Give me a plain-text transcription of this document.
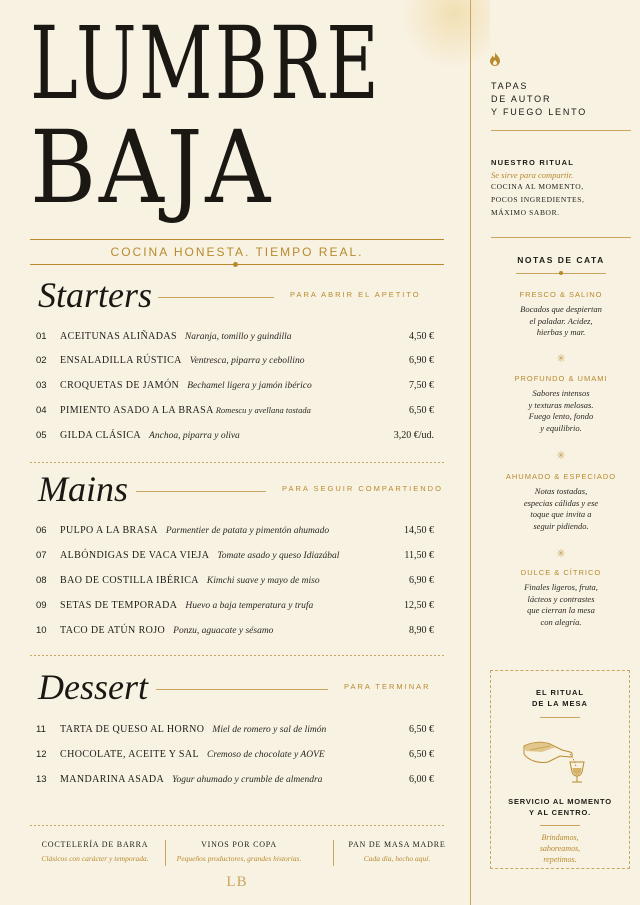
LUMBRE
BAJA
COCINA HONESTA. TIEMPO REAL.
Starters	PARA ABRIR EL APETITO
Mains	PARA SEGUIR COMPARTIENDO
Dessert	PARA TERMINAR
01 ACEITUNAS ALIÑADAS Naranja, tomillo y guindilla	4,50 €
02 ENSALADILLA RÚSTICA Ventresca, piparra y cebollino	6,90 €
03 CROQUETAS DE JAMÓN Bechamel ligera y jamón ibérico	7,50 €
04 PIMIENTO ASADO A LA BRASA Romescu y avellana tostada	6,50 €
05 GILDA CLÁSICA Anchoa, piparra y oliva	3,20 €/ud.
06 PULPO A LA BRASA Parmentier de patata y pimentón ahumado	14,50 €
07 ALBÓNDIGAS DE VACA VIEJA Tomate asado y queso Idiazábal	11,50 €
08 BAO DE COSTILLA IBÉRICA Kimchi suave y mayo de miso	6,90 €
09 SETAS DE TEMPORADA Huevo a baja temperatura y trufa	12,50 €
10 TACO DE ATÚN ROJO Ponzu, aguacate y sésamo	8,90 €
11 TARTA DE QUESO AL HORNO Miel de romero y sal de limón	6,50 €
12 CHOCOLATE, ACEITE Y SAL Cremoso de chocolate y AOVE	6,50 €
13 MANDARINA ASADA Yogur ahumado y crumble de almendra	6,00 €
COCTELERÍA DE BARRA
Clásicos con carácter y temporada.
VINOS POR COPA
Pequeños productores, grandes historias.
PAN DE MASA MADRE
Cada día, hecho aquí.
LB
TAPAS
DE AUTOR
Y FUEGO LENTO
NUESTRO RITUAL
Se sirve para compartir.
COCINA AL MOMENTO,
POCOS INGREDIENTES,
MÁXIMO SABOR.
NOTAS DE CATA
FRESCO & SALINO
Bocados que despiertan
el paladar. Acidez,
hierbas y mar.
✳
PROFUNDO & UMAMI
Sabores intensos
y texturas melosas.
Fuego lento, fondo
y equilibrio.
✳
AHUMADO & ESPECIADO
Notas tostadas,
especias cálidas y ese
toque que invita a
seguir pidiendo.
✳
DULCE & CÍTRICO
Finales ligeros, fruta,
lácteos y contrastes
que cierran la mesa
con alegría.
EL RITUAL
DE LA MESA
SERVICIO AL MOMENTO
Y AL CENTRO.
Brindamos,
saboreamos,
repetimos.
